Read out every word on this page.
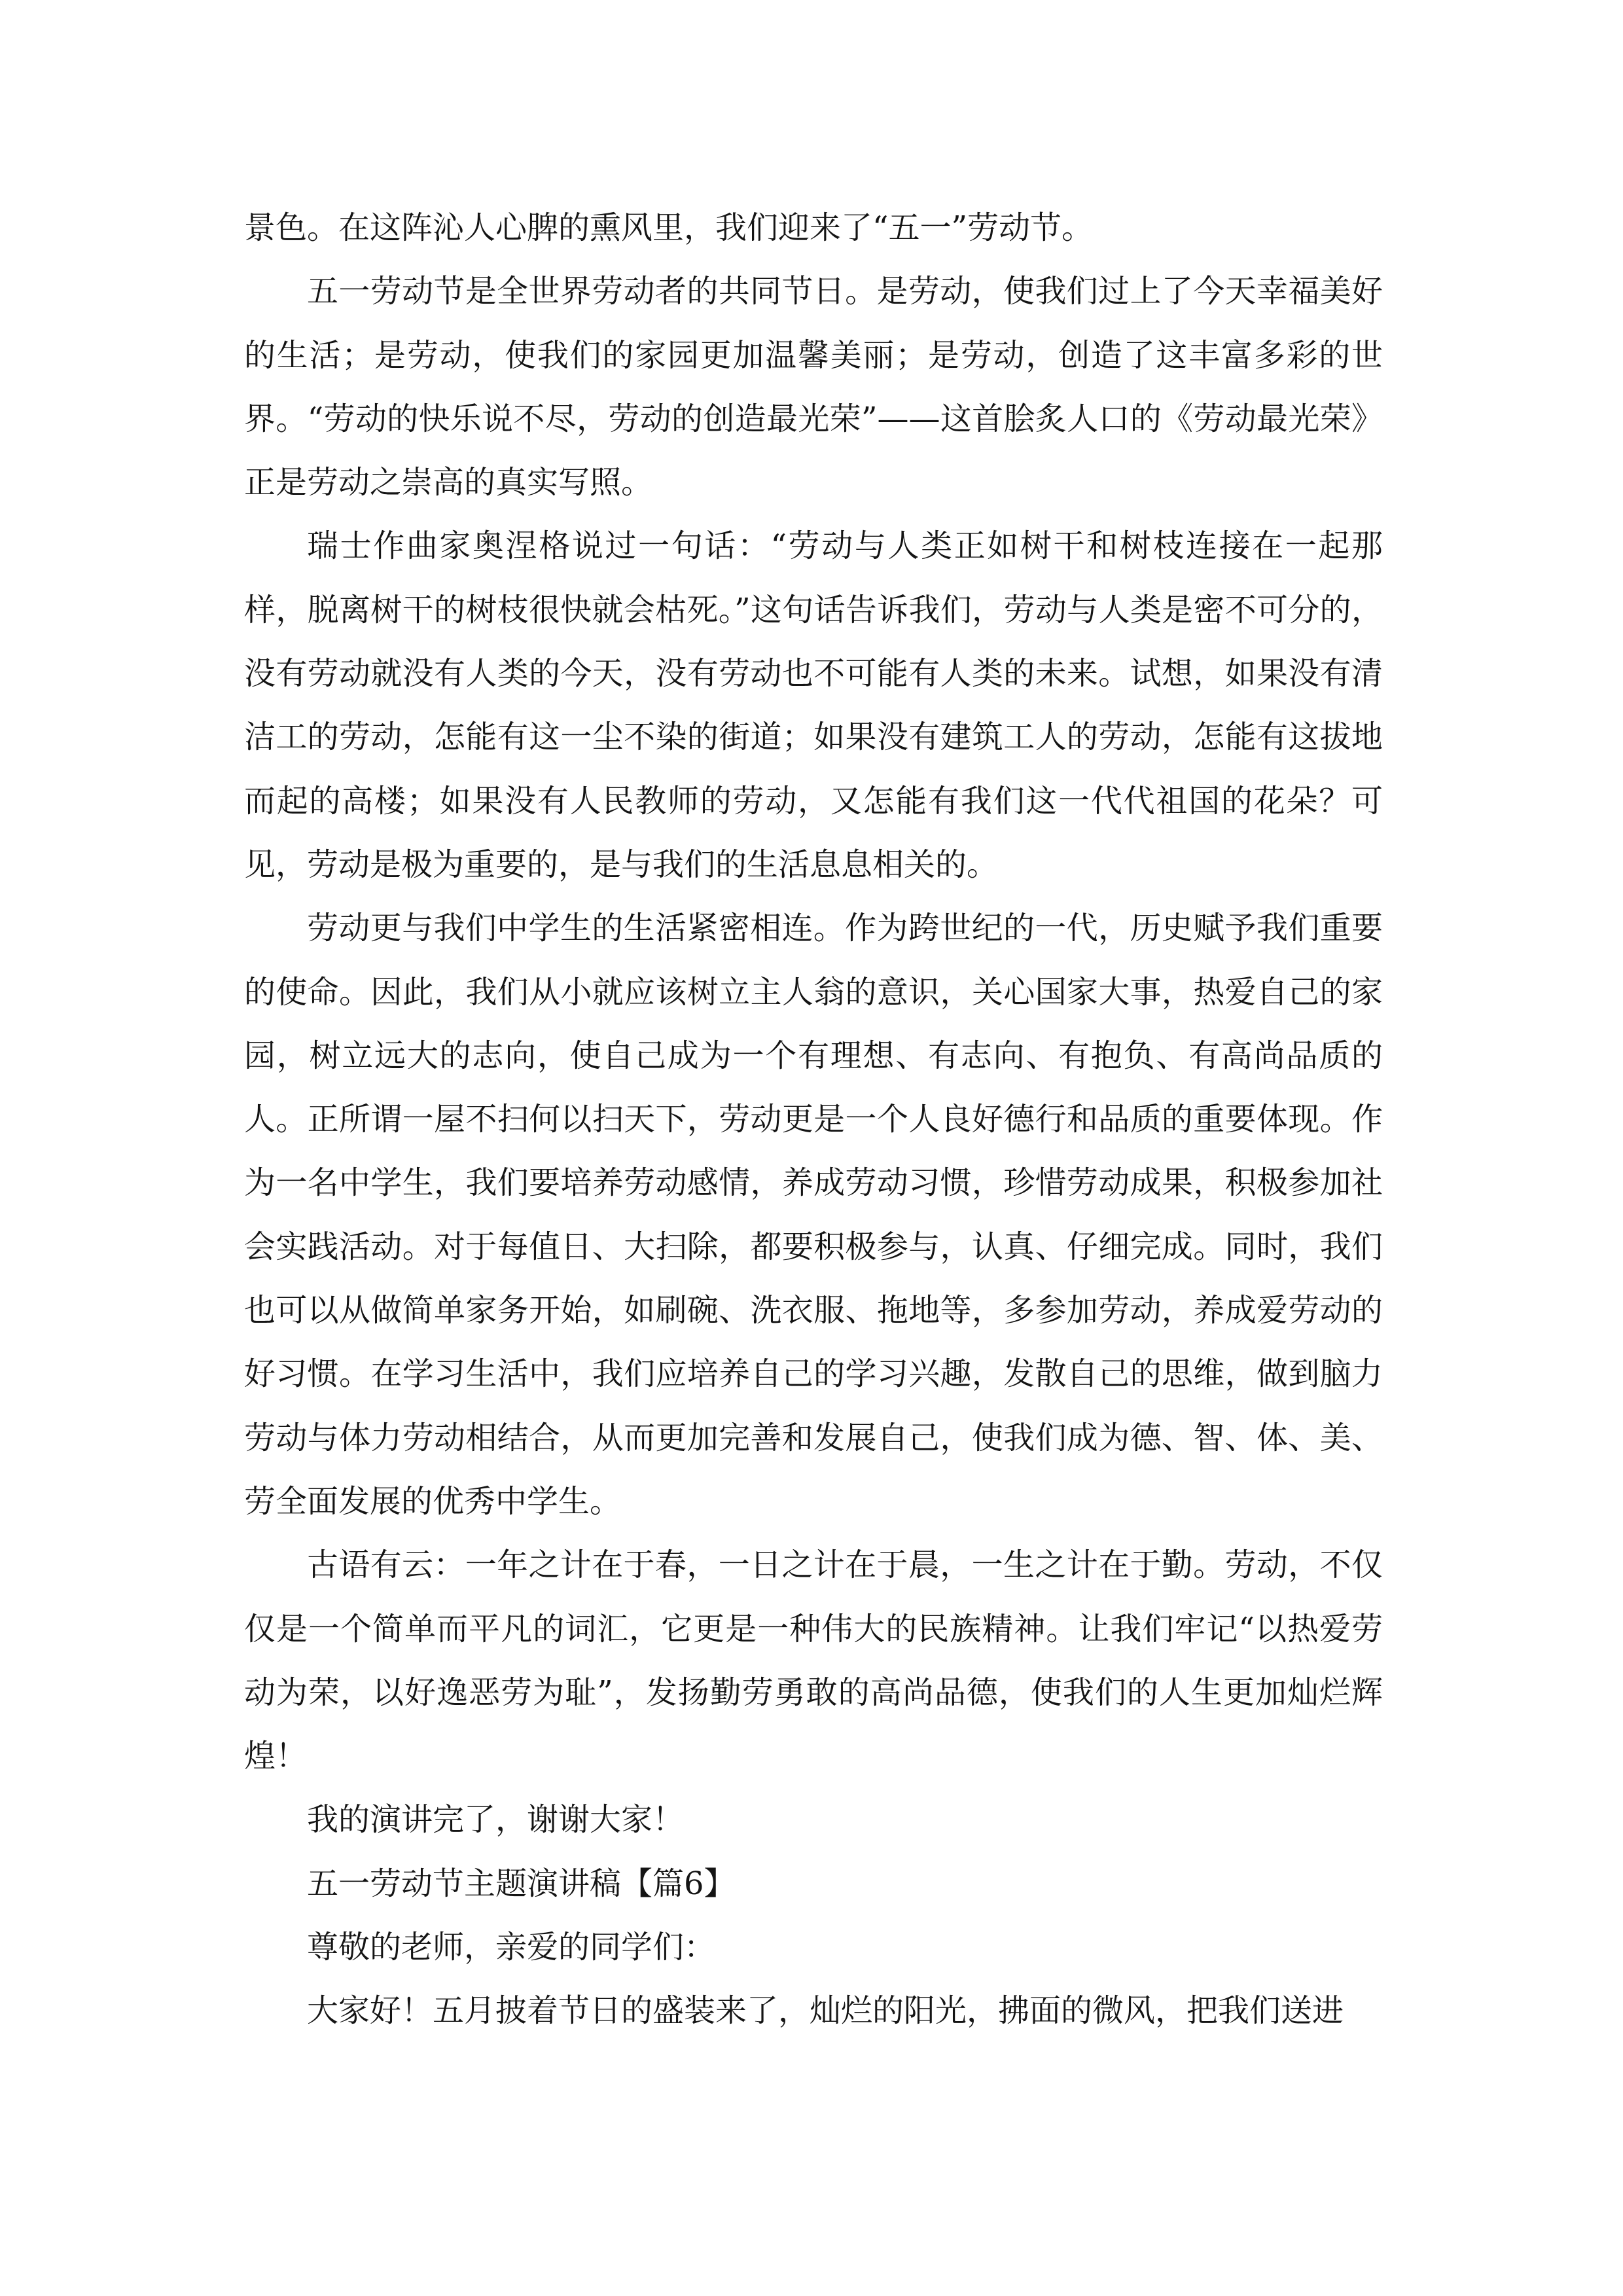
景色。在这阵沁人心脾的熏风里，我们迎来了“五一”劳动节。

五一劳动节是全世界劳动者的共同节日。是劳动，使我们过上了今天幸福美好的生活；是劳动，使我们的家园更加温馨美丽；是劳动，创造了这丰富多彩的世界。“劳动的快乐说不尽，劳动的创造最光荣”——这首脍炙人口的《劳动最光荣》正是劳动之崇高的真实写照。

瑞士作曲家奥涅格说过一句话：“劳动与人类正如树干和树枝连接在一起那样，脱离树干的树枝很快就会枯死。”这句话告诉我们，劳动与人类是密不可分的，没有劳动就没有人类的今天，没有劳动也不可能有人类的未来。试想，如果没有清洁工的劳动，怎能有这一尘不染的街道；如果没有建筑工人的劳动，怎能有这拔地而起的高楼；如果没有人民教师的劳动，又怎能有我们这一代代祖国的花朵？可见，劳动是极为重要的，是与我们的生活息息相关的。

劳动更与我们中学生的生活紧密相连。作为跨世纪的一代，历史赋予我们重要的使命。因此，我们从小就应该树立主人翁的意识，关心国家大事，热爱自己的家园，树立远大的志向，使自己成为一个有理想、有志向、有抱负、有高尚品质的人。正所谓一屋不扫何以扫天下，劳动更是一个人良好德行和品质的重要体现。作为一名中学生，我们要培养劳动感情，养成劳动习惯，珍惜劳动成果，积极参加社会实践活动。对于每值日、大扫除，都要积极参与，认真、仔细完成。同时，我们也可以从做简单家务开始，如刷碗、洗衣服、拖地等，多参加劳动，养成爱劳动的好习惯。在学习生活中，我们应培养自己的学习兴趣，发散自己的思维，做到脑力劳动与体力劳动相结合，从而更加完善和发展自己，使我们成为德、智、体、美、劳全面发展的优秀中学生。

古语有云：一年之计在于春，一日之计在于晨，一生之计在于勤。劳动，不仅仅是一个简单而平凡的词汇，它更是一种伟大的民族精神。让我们牢记“以热爱劳动为荣，以好逸恶劳为耻”，发扬勤劳勇敢的高尚品德，使我们的人生更加灿烂辉煌！

我的演讲完了，谢谢大家！

五一劳动节主题演讲稿【篇6】

尊敬的老师，亲爱的同学们：

大家好！五月披着节日的盛装来了，灿烂的阳光，拂面的微风，把我们送进
